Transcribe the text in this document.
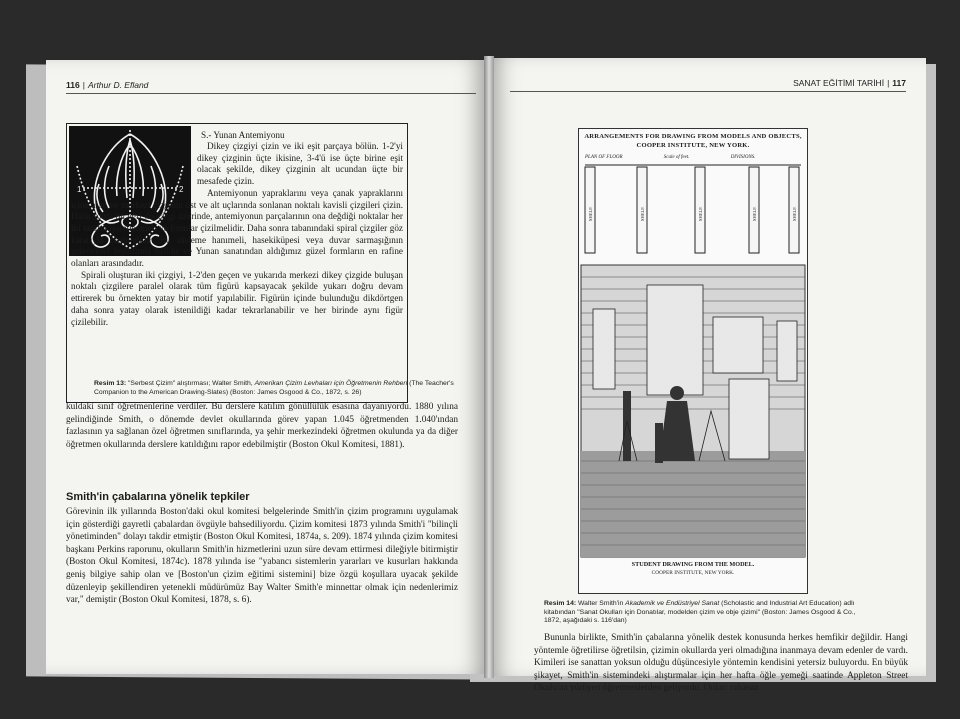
116 | Arthur D. Efland
1	2
S.- Yunan Antemiyonu

Dikey çizgiyi çizin ve iki eşit parçaya bölün. 1-2'yi dikey çizginin üçte ikisine, 3-4'ü ise üçte birine eşit olacak şekilde, dikey çizginin alt ucundan üçte bir mesafede çizin.

Antemiyonun yapraklarını veya çanak yapraklarını içine alan ve merkezi çizginin üst ve alt uçlarında sonlanan noktalı kavisli çizgileri çizin. Daha sonra bu eğri dış çizgi üzerinde, antemiyonun parçalarının ona değdiği noktalar her iki tarafta işaretlenmeli ve formlar çizilmelidir. Daha sonra tabanındaki spiral çizgiler göz kararıyla çizilmelidir. Bu süsleme hanımeli, hasekiküpesi veya duvar sarmaşığının geleneksel leştirilmiş halidir ve Yunan sanatından aldığımız güzel formların en rafine olanları arasındadır.

Spirali oluşturan iki çizgiyi, 1-2'den geçen ve yukarıda merkezi dikey çizgide buluşan noktalı çizgilere paralel olarak tüm figürü kapsayacak şekilde yukarı doğru devam ettirerek bu örnekten yatay bir motif yapılabilir. Figürün içinde bulunduğu dikdörtgen daha sonra yatay olarak istenildiği kadar tekrarlanabilir ve her birinde aynı figür çizilebilir.

Resim 13: "Serbest Çizim" alıştırması; Walter Smith, Amerikan Çizim Levhaları için Öğretmenin Rehberi (The Teacher's Companion to the American Drawing-Slates) (Boston: James Osgood & Co., 1872, s. 26)

kuldaki sınıf öğretmenlerine verdiler. Bu derslere katılım gönüllülük esasına dayanıyordu. 1880 yılına gelindiğinde Smith, o dönemde devlet okullarında görev yapan 1.045 öğretmenden 1.040'ından fazlasının ya sağlanan özel öğretmen sınıflarında, ya şehir merkezindeki öğretmen okulunda ya da diğer öğretmen okullarında derslere katıldığını rapor edebilmiştir (Boston Okul Komitesi, 1881).

Smith'in çabalarına yönelik tepkiler

Görevinin ilk yıllarında Boston'daki okul komitesi belgelerinde Smith'in çizim programını uygulamak için gösterdiği gayretli çabalardan övgüyle bahsediliyordu. Çizim komitesi 1873 yılında Smith'i "bilinçli yönetiminden" dolayı takdir etmiştir (Boston Okul Komitesi, 1874a, s. 209). 1874 yılında çizim komitesi başkanı Perkins raporunu, okulların Smith'in hizmetlerini uzun süre devam ettirmesi dileğiyle bitirmiştir (Boston Okul Komitesi, 1874c). 1878 yılında ise "yabancı sistemlerin yararları ve kusurları hakkında geniş bilgiye sahip olan ve [Boston'un çizim eğitimi sistemini] bize özgü koşullara uyacak şekilde düzenleyip şekillendiren yetenekli müdürümüz Bay Walter Smith'e minnettar olmak için nedenlerimiz var," demiştir (Boston Okul Komitesi, 1878, s. 6).

SANAT EĞİTİMİ TARİHİ | 117
ARRANGEMENTS FOR DRAWING FROM MODELS AND OBJECTS,
COOPER INSTITUTE, NEW YORK.
PLAN OF FLOOR	Scale of feet.	DIVISIONS.
SHELF.	SHELF.	SHELF.	SHELF.	SHELF.
STUDENT DRAWING FROM THE MODEL.
COOPER INSTITUTE, NEW YORK.
Resim 14: Walter Smith'in Akademik ve Endüstriyel Sanat (Scholastic and Industrial Art Education) adlı kitabından "Sanat Okulları için Donatılar, modelden çizim ve obje çizimi" (Boston: James Osgood & Co., 1872, aşağıdaki s. 116'dan)

Bununla birlikte, Smith'in çabalarına yönelik destek konusunda herkes hemfikir değildir. Hangi yöntemle öğretilirse öğretilsin, çizimin okullarda yeri olmadığına inanmaya devam edenler de vardı. Kimileri ise sanattan yoksun olduğu düşüncesiyle yöntemin kendisini yetersiz buluyordu. En büyük şikayet, Smith'in sistemindeki alıştırmalar için her hafta öğle yemeği saatinde Appleton Street Okulu'na yürüyen öğretmenlerden geliyordu. Onları rahatsız
